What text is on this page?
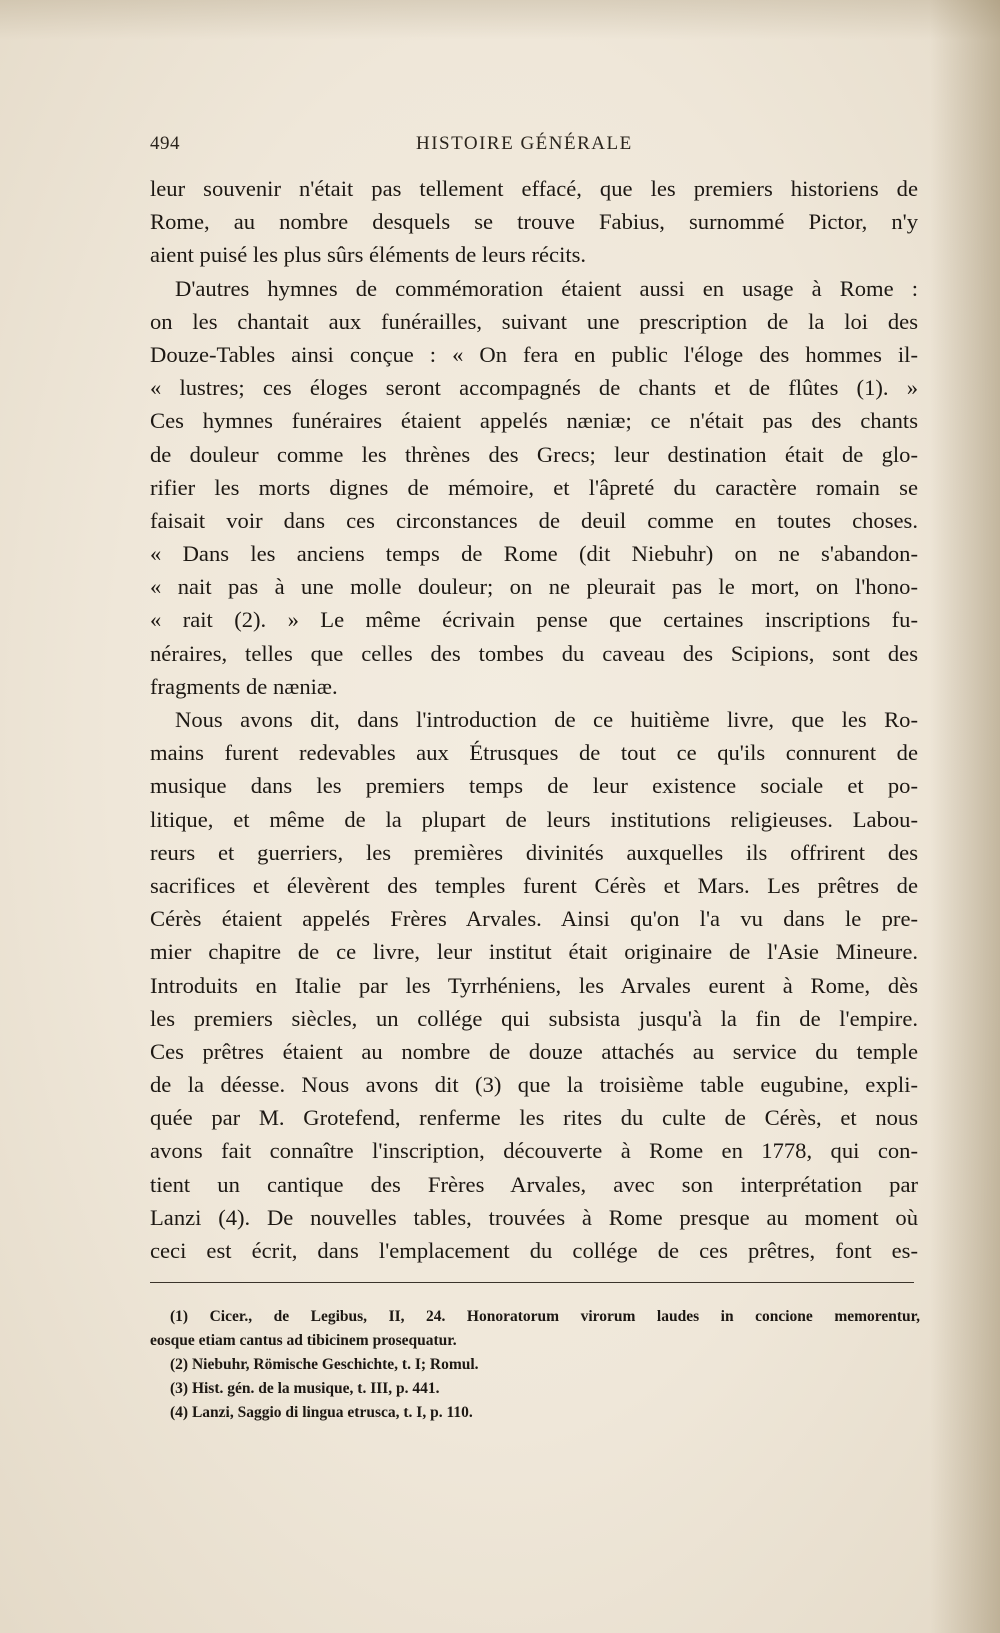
494	HISTOIRE GÉNÉRALE
leur souvenir n'était pas tellement effacé, que les premiers historiens de
Rome, au nombre desquels se trouve Fabius, surnommé Pictor, n'y
aient puisé les plus sûrs éléments de leurs récits.
D'autres hymnes de commémoration étaient aussi en usage à Rome :
on les chantait aux funérailles, suivant une prescription de la loi des
Douze-Tables ainsi conçue : « On fera en public l'éloge des hommes il-
« lustres; ces éloges seront accompagnés de chants et de flûtes (1). »
Ces hymnes funéraires étaient appelés næniæ; ce n'était pas des chants
de douleur comme les thrènes des Grecs; leur destination était de glo-
rifier les morts dignes de mémoire, et l'âpreté du caractère romain se
faisait voir dans ces circonstances de deuil comme en toutes choses.
« Dans les anciens temps de Rome (dit Niebuhr) on ne s'abandon-
« nait pas à une molle douleur; on ne pleurait pas le mort, on l'hono-
« rait (2). » Le même écrivain pense que certaines inscriptions fu-
néraires, telles que celles des tombes du caveau des Scipions, sont des
fragments de næniæ.
Nous avons dit, dans l'introduction de ce huitième livre, que les Ro-
mains furent redevables aux Étrusques de tout ce qu'ils connurent de
musique dans les premiers temps de leur existence sociale et po-
litique, et même de la plupart de leurs institutions religieuses. Labou-
reurs et guerriers, les premières divinités auxquelles ils offrirent des
sacrifices et élevèrent des temples furent Cérès et Mars. Les prêtres de
Cérès étaient appelés Frères Arvales. Ainsi qu'on l'a vu dans le pre-
mier chapitre de ce livre, leur institut était originaire de l'Asie Mineure.
Introduits en Italie par les Tyrrhéniens, les Arvales eurent à Rome, dès
les premiers siècles, un collége qui subsista jusqu'à la fin de l'empire.
Ces prêtres étaient au nombre de douze attachés au service du temple
de la déesse. Nous avons dit (3) que la troisième table eugubine, expli-
quée par M. Grotefend, renferme les rites du culte de Cérès, et nous
avons fait connaître l'inscription, découverte à Rome en 1778, qui con-
tient un cantique des Frères Arvales, avec son interprétation par
Lanzi (4). De nouvelles tables, trouvées à Rome presque au moment où
ceci est écrit, dans l'emplacement du collége de ces prêtres, font es-
(1) Cicer., de Legibus, II, 24. Honoratorum virorum laudes in concione memorentur,
eosque etiam cantus ad tibicinem prosequatur.
(2) Niebuhr, Römische Geschichte, t. I; Romul.
(3) Hist. gén. de la musique, t. III, p. 441.
(4) Lanzi, Saggio di lingua etrusca, t. I, p. 110.
